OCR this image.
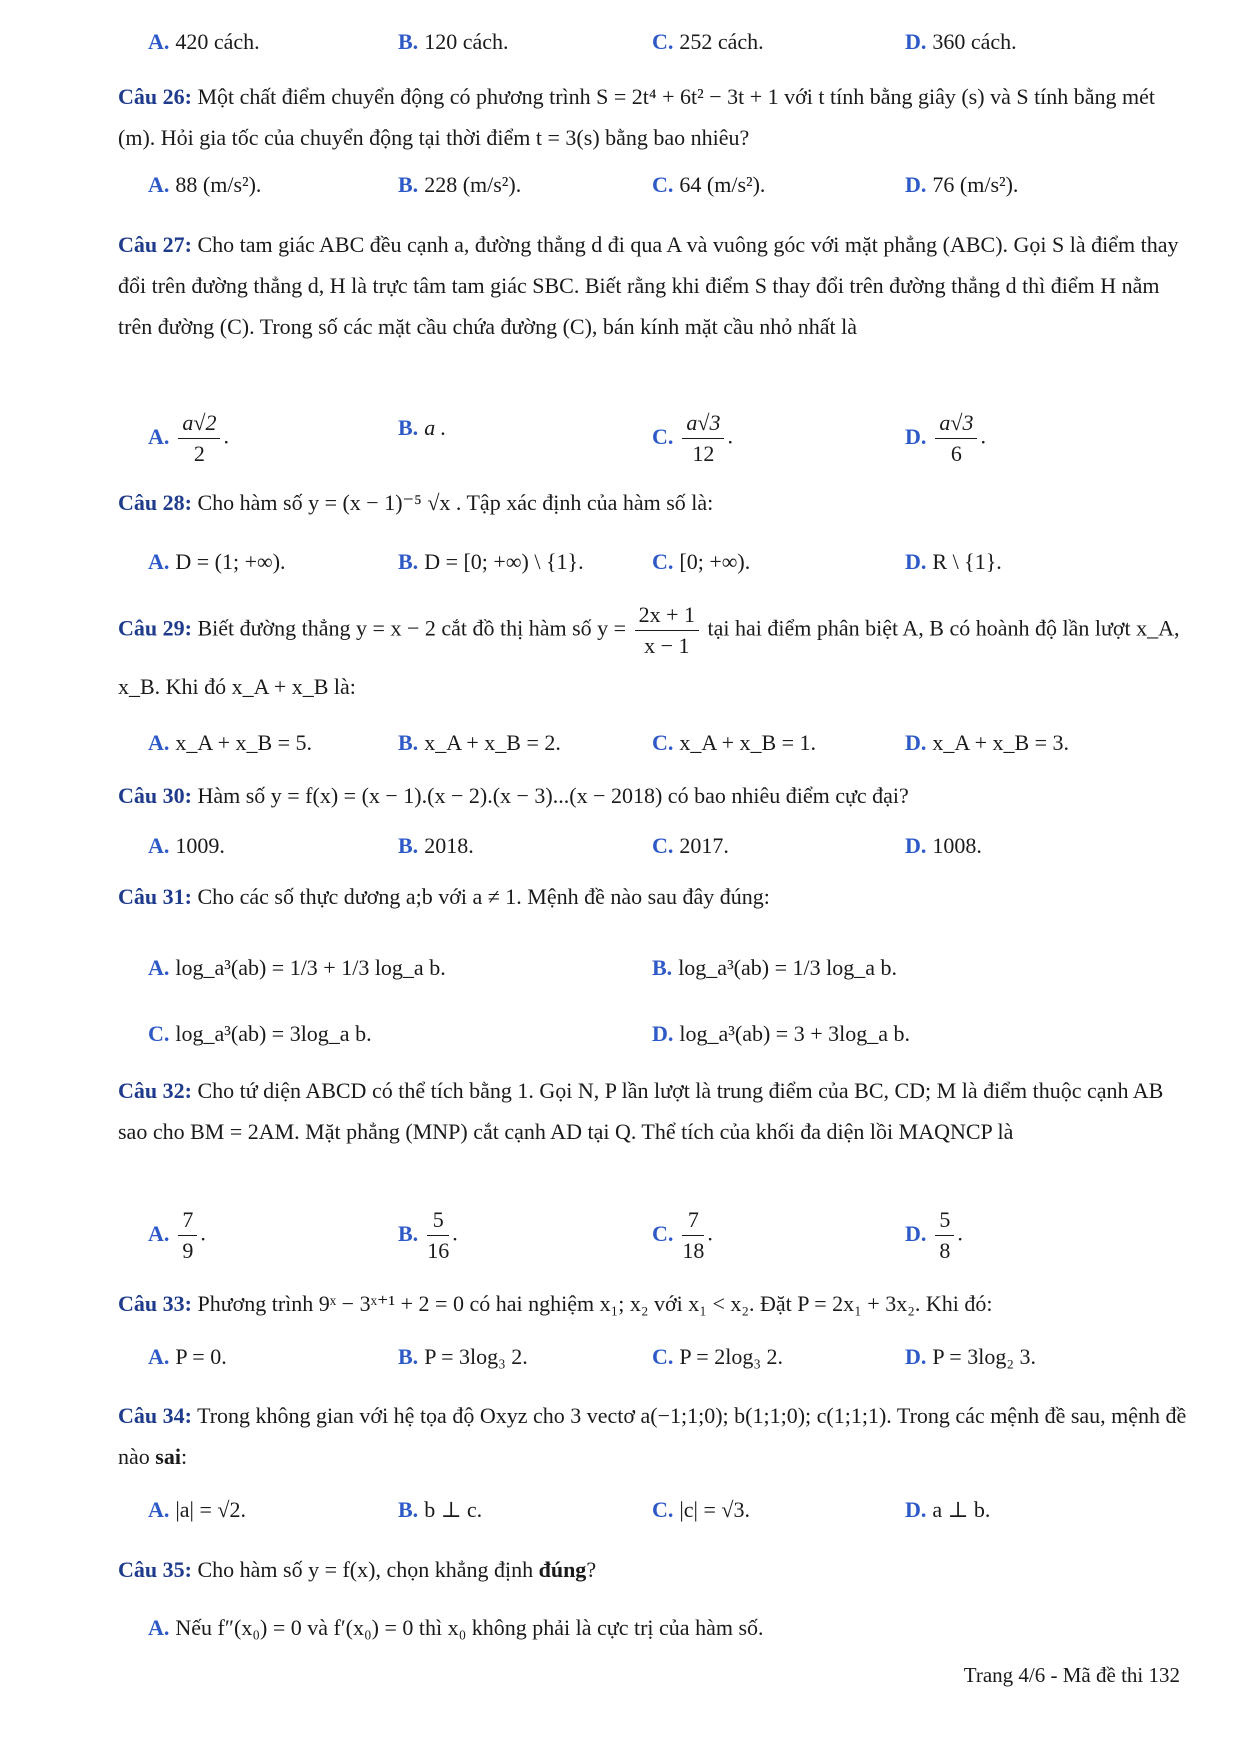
A. 420 cách.	B. 120 cách.	C. 252 cách.	D. 360 cách.
Câu 26: Một chất điểm chuyển động có phương trình S = 2t⁴ + 6t² − 3t + 1 với t tính bằng giây (s) và S tính bằng mét (m). Hỏi gia tốc của chuyển động tại thời điểm t = 3(s) bằng bao nhiêu?
A. 88 (m/s²).	B. 228 (m/s²).	C. 64 (m/s²).	D. 76 (m/s²).
Câu 27: Cho tam giác ABC đều cạnh a, đường thẳng d đi qua A và vuông góc với mặt phẳng (ABC). Gọi S là điểm thay đổi trên đường thẳng d, H là trực tâm tam giác SBC. Biết rằng khi điểm S thay đổi trên đường thẳng d thì điểm H nằm trên đường (C). Trong số các mặt cầu chứa đường (C), bán kính mặt cầu nhỏ nhất là
A. $\frac{a√2}{2}$ .	B. a .	C. $\frac{a√3}{12}$ .	D. $\frac{a√3}{6}$ .
Câu 28: Cho hàm số y = (x − 1)⁻⁵ √x . Tập xác định của hàm số là:
A. D = (1; +∞).	B. D = [0; +∞) \ {1}.	C. [0; +∞).	D. R \ {1}.
Câu 29: Biết đường thẳng y = x − 2 cắt đồ thị hàm số $y = \frac{2x + 1}{x - 1}$ tại hai điểm phân biệt A, B có hoành độ lần lượt x_A, x_B. Khi đó x_A + x_B là:
A. x_A + x_B = 5.	B. x_A + x_B = 2.	C. x_A + x_B = 1.	D. x_A + x_B = 3.
Câu 30: Hàm số y = f(x) = (x − 1).(x − 2).(x − 3)...(x − 2018) có bao nhiêu điểm cực đại?
A. 1009.	B. 2018.	C. 2017.	D. 1008.
Câu 31: Cho các số thực dương a;b với a ≠ 1. Mệnh đề nào sau đây đúng:
A. log_a³(ab) = 1/3 + 1/3 log_a b.	B. log_a³(ab) = 1/3 log_a b.
C. log_a³(ab) = 3log_a b.	D. log_a³(ab) = 3 + 3log_a b.
Câu 32: Cho tứ diện ABCD có thể tích bằng 1. Gọi N, P lần lượt là trung điểm của BC, CD; M là điểm thuộc cạnh AB sao cho BM = 2AM. Mặt phẳng (MNP) cắt cạnh AD tại Q. Thể tích của khối đa diện lồi MAQNCP là
A. $\frac{7}{9}$ .	B. $\frac{5}{16}$ .	C. $\frac{7}{18}$ .	D. $\frac{5}{8}$ .
Câu 33: Phương trình 9ˣ − 3ˣ⁺¹ + 2 = 0 có hai nghiệm x₁; x₂ với x₁ < x₂. Đặt P = 2x₁ + 3x₂. Khi đó:
A. P = 0.	B. P = 3log₃ 2.	C. P = 2log₃ 2.	D. P = 3log₂ 3.
Câu 34: Trong không gian với hệ tọa độ Oxyz cho 3 vectơ a(−1;1;0); b(1;1;0); c(1;1;1). Trong các mệnh đề sau, mệnh đề nào sai:
A. |a| = √2.	B. b ⊥ c.	C. |c| = √3.	D. a ⊥ b.
Câu 35: Cho hàm số y = f(x), chọn khẳng định đúng?
A. Nếu f″(x₀) = 0 và f′(x₀) = 0 thì x₀ không phải là cực trị của hàm số.
Trang 4/6 - Mã đề thi 132
